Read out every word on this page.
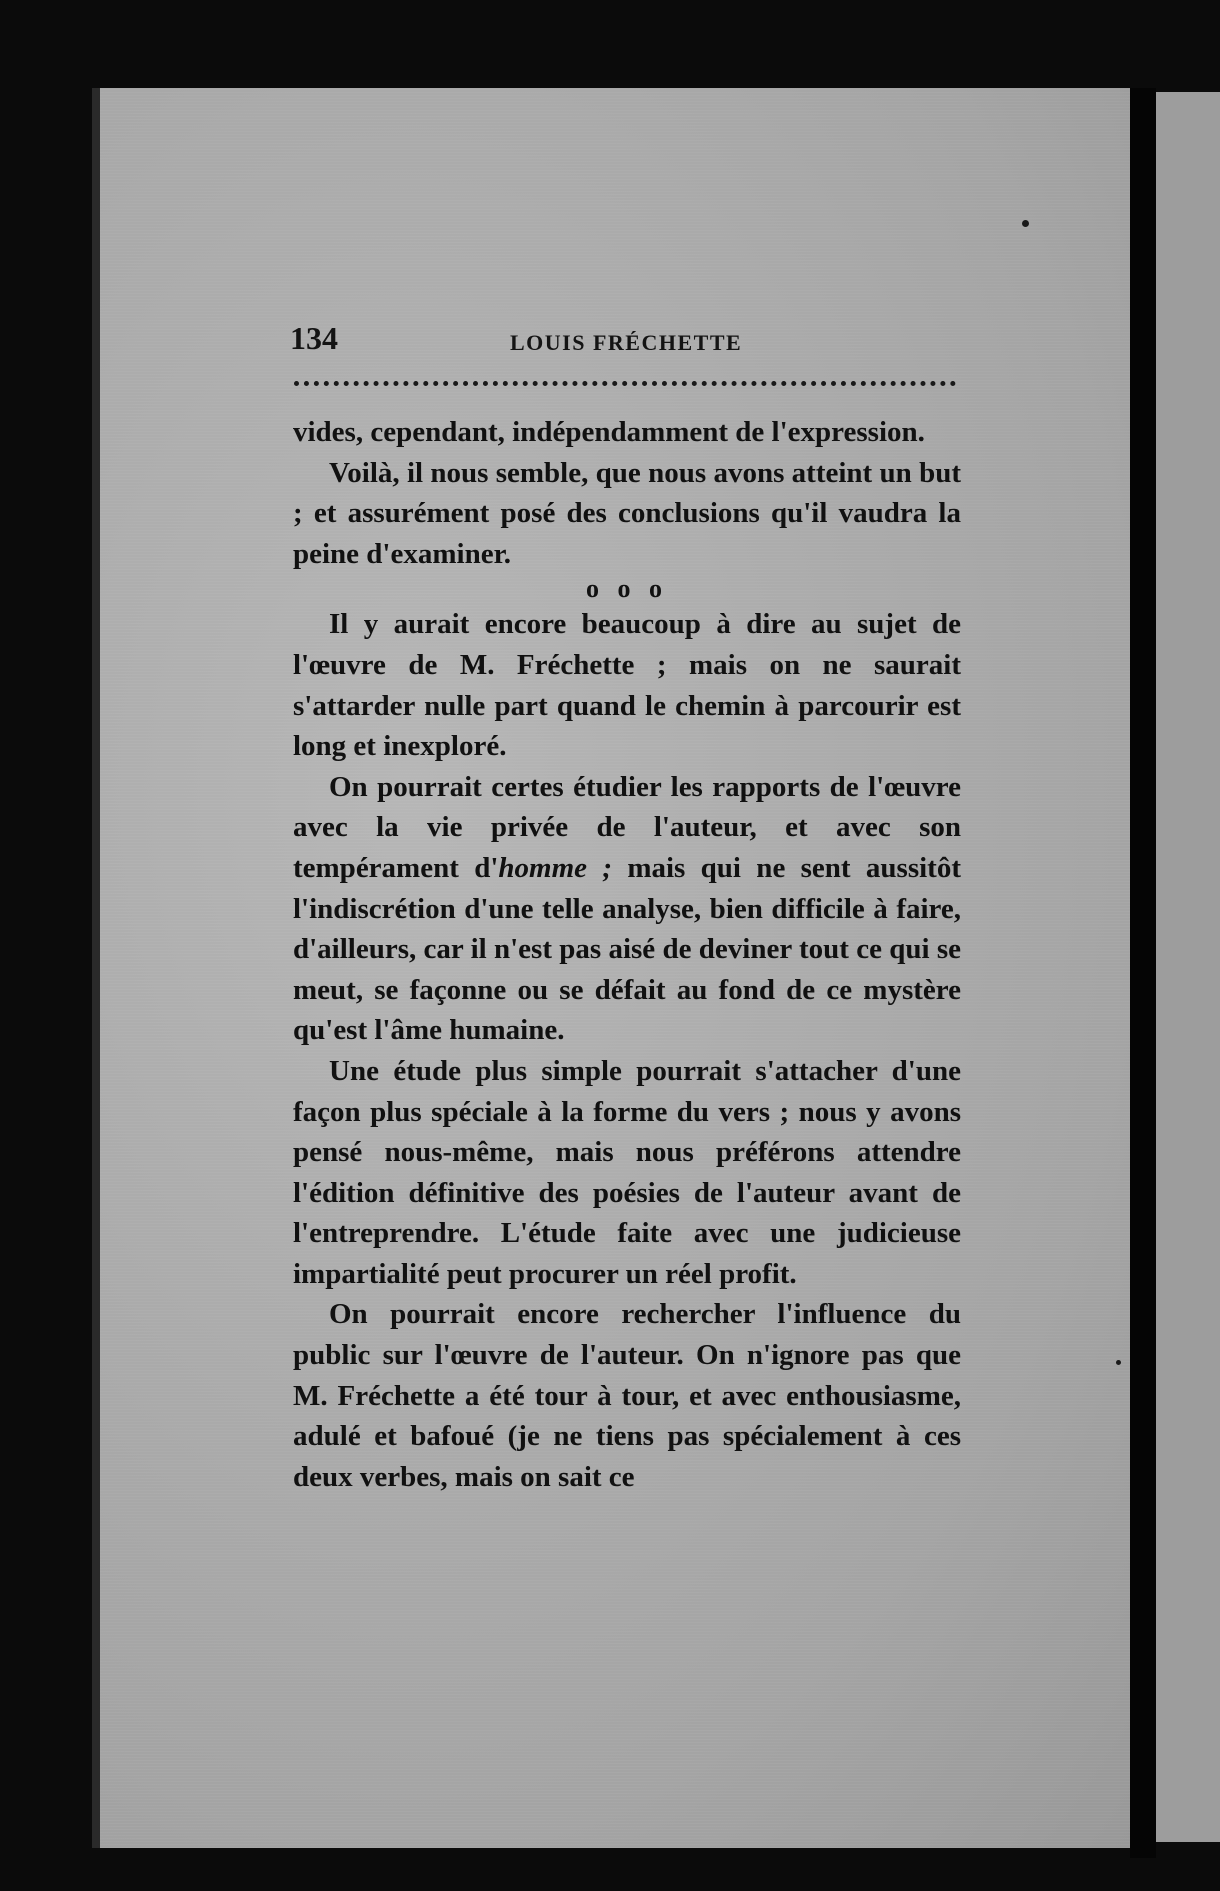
134	LOUIS FRÉCHETTE

vides, cependant, indépendamment de l'expression.

Voilà, il nous semble, que nous avons atteint un but ; et assurément posé des conclusions qu'il vaudra la peine d'examiner.

o o o

Il y aurait encore beaucoup à dire au sujet de l'œuvre de M. Fréchette ; mais on ne saurait s'attarder nulle part quand le chemin à parcourir est long et inexploré.

On pourrait certes étudier les rapports de l'œuvre avec la vie privée de l'auteur, et avec son tempérament d'homme ; mais qui ne sent aussitôt l'indiscrétion d'une telle analyse, bien difficile à faire, d'ailleurs, car il n'est pas aisé de deviner tout ce qui se meut, se façonne ou se défait au fond de ce mystère qu'est l'âme humaine.

Une étude plus simple pourrait s'attacher d'une façon plus spéciale à la forme du vers ; nous y avons pensé nous-même, mais nous préférons attendre l'édition définitive des poésies de l'auteur avant de l'entreprendre. L'étude faite avec une judicieuse impartialité peut procurer un réel profit.

On pourrait encore rechercher l'influence du public sur l'œuvre de l'auteur. On n'ignore pas que M. Fréchette a été tour à tour, et avec enthousiasme, adulé et bafoué (je ne tiens pas spécialement à ces deux verbes, mais on sait ce
